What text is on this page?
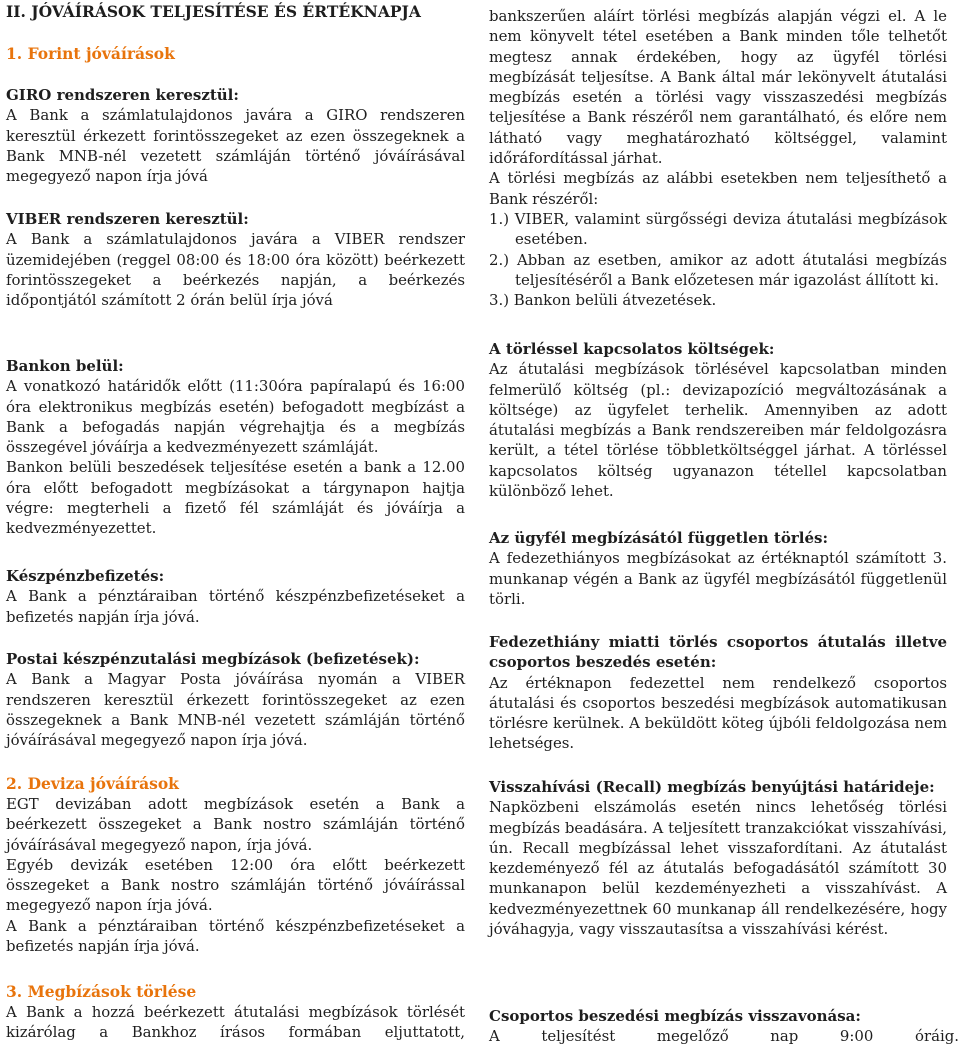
II. JÓVÁÍRÁSOK TELJESÍTÉSE ÉS ÉRTÉKNAPJA
1. Forint jóváírások
GIRO rendszeren keresztül:

A Bank a számlatulajdonos javára a GIRO rendszeren keresztül érkezett forintösszegeket az ezen összegeknek a Bank MNB-nél vezetett számláján történő jóváírásával megegyező napon írja jóvá

VIBER rendszeren keresztül:

A Bank a számlatulajdonos javára a VIBER rendszer üzemidejében (reggel 08:00 és 18:00 óra között) beérkezett forintösszegeket a beérkezés napján, a beérkezés időpontjától számított 2 órán belül írja jóvá

Bankon belül:

A vonatkozó határidők előtt (11:30óra papíralapú és 16:00 óra elektronikus megbízás esetén) befogadott megbízást a Bank a befogadás napján végrehajtja és a megbízás összegével jóváírja a kedvezményezett számláját.

Bankon belüli beszedések teljesítése esetén a bank a 12.00 óra előtt befogadott megbízásokat a tárgynapon hajtja végre: megterheli a fizető fél számláját és jóváírja a kedvezményezettet.

Készpénzbefizetés:

A Bank a pénztáraiban történő készpénzbefizetéseket a befizetés napján írja jóvá.

Postai készpénzutalási megbízások (befizetések):

A Bank a Magyar Posta jóváírása nyomán a VIBER rendszeren keresztül érkezett forintösszegeket az ezen összegeknek a Bank MNB-nél vezetett számláján történő jóváírásával megegyező napon írja jóvá.

2. Deviza jóváírások

EGT devizában adott megbízások esetén a Bank a beérkezett összegeket a Bank nostro számláján történő jóváírásával megegyező napon, írja jóvá.

Egyéb devizák esetében 12:00 óra előtt beérkezett összegeket a Bank nostro számláján történő jóváírással megegyező napon írja jóvá.

A Bank a pénztáraiban történő készpénzbefizetéseket a befizetés napján írja jóvá.

3. Megbízások törlése

A Bank a hozzá beérkezett átutalási megbízások törlését kizárólag a Bankhoz írásos formában eljuttatott,

bankszerűen aláírt törlési megbízás alapján végzi el. A le nem könyvelt tétel esetében a Bank minden tőle telhetőt megtesz annak érdekében, hogy az ügyfél törlési megbízását teljesítse. A Bank által már lekönyvelt átutalási megbízás esetén a törlési vagy visszaszedési megbízás teljesítése a Bank részéről nem garantálható, és előre nem látható vagy meghatározható költséggel, valamint időráfordítással járhat.

A törlési megbízás az alábbi esetekben nem teljesíthető a Bank részéről:

1.) VIBER, valamint sürgősségi deviza átutalási megbízások esetében.
2.) Abban az esetben, amikor az adott átutalási megbízás teljesítéséről a Bank előzetesen már igazolást állított ki.
3.) Bankon belüli átvezetések.
A törléssel kapcsolatos költségek:

Az átutalási megbízások törlésével kapcsolatban minden felmerülő költség (pl.: devizapozíció megváltozásának a költsége) az ügyfelet terhelik. Amennyiben az adott átutalási megbízás a Bank rendszereiben már feldolgozásra került, a tétel törlése többletköltséggel járhat. A törléssel kapcsolatos költség ugyanazon tétellel kapcsolatban különböző lehet.

Az ügyfél megbízásától független törlés:

A fedezethiányos megbízásokat az értéknaptól számított 3. munkanap végén a Bank az ügyfél megbízásától függetlenül törli.

Fedezethiány miatti törlés csoportos átutalás illetve csoportos beszedés esetén:

Az értéknapon fedezettel nem rendelkező csoportos átutalási és csoportos beszedési megbízások automatikusan törlésre kerülnek. A beküldött köteg újbóli feldolgozása nem lehetséges.

Visszahívási (Recall) megbízás benyújtási határideje:

Napközbeni elszámolás esetén nincs lehetőség törlési megbízás beadására. A teljesített tranzakciókat visszahívási, ún. Recall megbízással lehet visszafordítani. Az átutalást kezdeményező fél az átutalás befogadásától számított 30 munkanapon belül kezdeményezheti a visszahívást. A kedvezményezettnek 60 munkanap áll rendelkezésére, hogy jóváhagyja, vagy visszautasítsa a visszahívási kérést.

Csoportos beszedési megbízás visszavonása:

A teljesítést megelőző nap 9:00 óráig.
